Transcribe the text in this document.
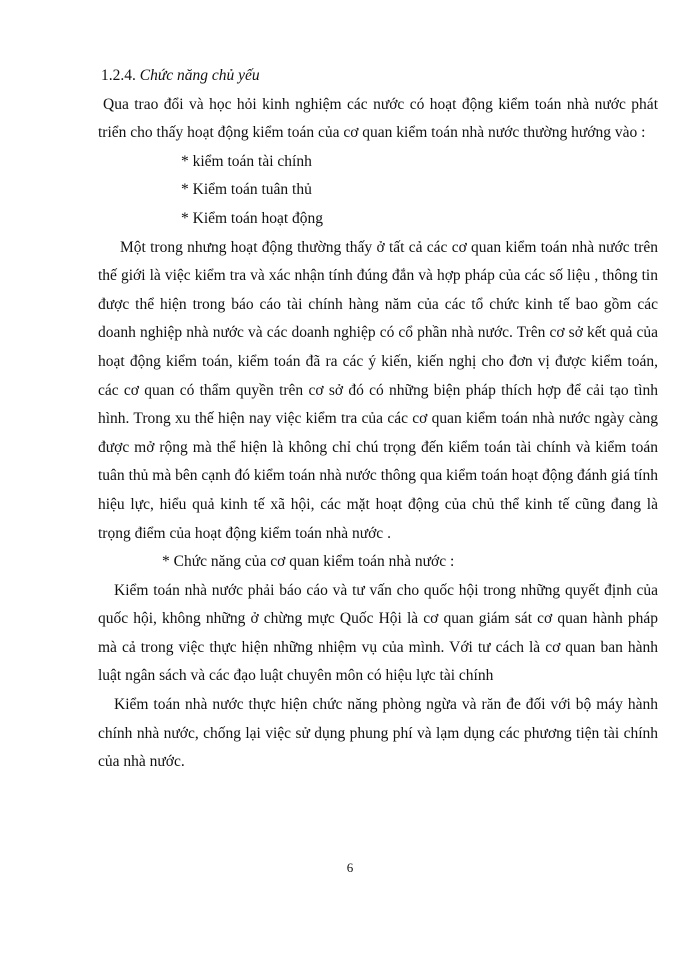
1.2.4. Chức năng chủ yếu

Qua trao đổi và học hỏi kinh nghiệm các nước có hoạt động kiểm toán nhà nước phát triển cho thấy hoạt động kiểm toán của cơ quan kiểm toán nhà nước thường hướng vào :

* kiểm toán tài chính
* Kiểm toán tuân thủ
* Kiểm toán hoạt động

Một trong nhưng hoạt động thường thấy ở tất cả các cơ quan kiểm toán nhà nước trên thế giới là việc kiểm tra và xác nhận tính đúng đắn và hợp pháp của các số liệu , thông tin được thể hiện trong báo cáo tài chính hàng năm của các tổ chức kinh tế bao gồm các doanh nghiệp nhà nước và các doanh nghiệp có cổ phần nhà nước. Trên cơ sở kết quả của hoạt động kiểm toán, kiểm toán đã ra các ý kiến, kiến nghị cho đơn vị được kiểm toán, các cơ quan có thẩm quyền trên cơ sở đó có những biện pháp thích hợp để cải tạo tình hình. Trong xu thế hiện nay việc kiểm tra của các cơ quan kiểm toán nhà nước ngày càng được mở rộng mà thể hiện là không chỉ chú trọng đến kiểm toán tài chính và kiểm toán tuân thủ mà bên cạnh đó kiểm toán nhà nước thông qua kiểm toán hoạt động đánh giá tính hiệu lực, hiểu quả kinh tế xã hội, các mặt hoạt động của chủ thể kinh tế cũng đang là trọng điểm của hoạt động kiểm toán nhà nước .

* Chức năng của cơ quan kiểm toán nhà nước :

Kiểm toán nhà nước phải báo cáo và tư vấn cho quốc hội trong những quyết định của quốc hội, không những ở chừng mực Quốc Hội là cơ quan giám sát cơ quan hành pháp mà cả trong việc thực hiện những nhiệm vụ của mình. Với tư cách là cơ quan ban hành luật ngân sách và các đạo luật chuyên môn có hiệu lực tài chính

Kiểm toán nhà nước thực hiện chức năng phòng ngừa và răn đe đối với bộ máy hành chính nhà nước, chống lại việc sử dụng phung phí và lạm dụng các phương tiện tài chính của nhà nước.

6
